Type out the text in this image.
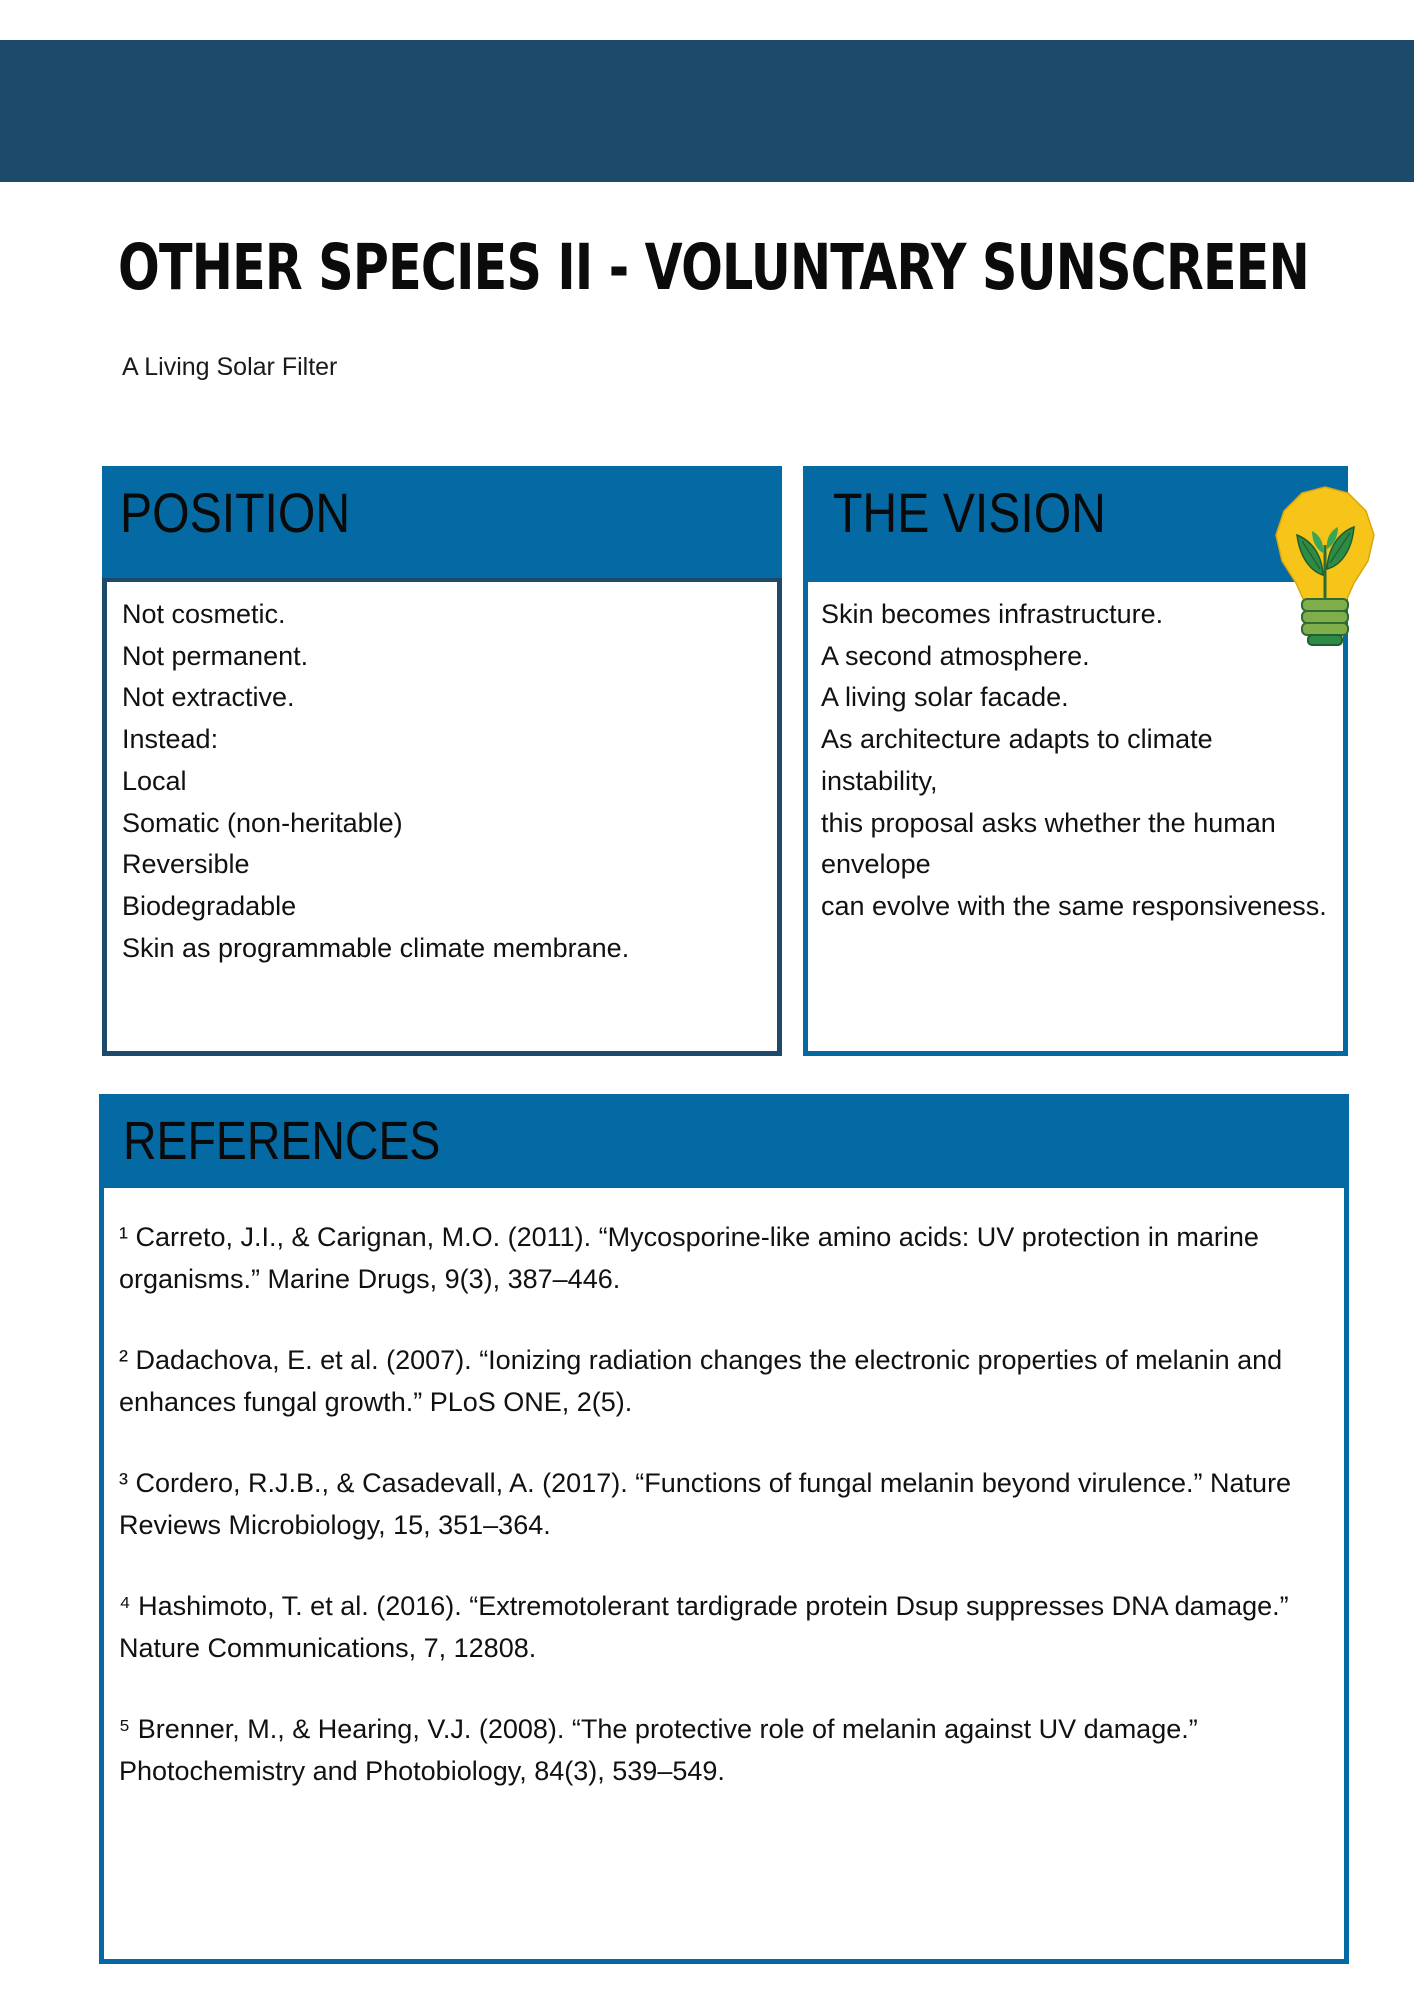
OTHER SPECIES II - VOLUNTARY SUNSCREEN
A Living Solar Filter
POSITION
Not cosmetic.
Not permanent.
Not extractive.
Instead:
Local
Somatic (non-heritable)
Reversible
Biodegradable
Skin as programmable climate membrane.
THE VISION
Skin becomes infrastructure.
A second atmosphere.
A living solar facade.
As architecture adapts to climate
instability,
this proposal asks whether the human
envelope
can evolve with the same responsiveness.
REFERENCES

¹ Carreto, J.I., & Carignan, M.O. (2011). “Mycosporine-like amino acids: UV protection in marine organisms.” Marine Drugs, 9(3), 387–446.

² Dadachova, E. et al. (2007). “Ionizing radiation changes the electronic properties of melanin and enhances fungal growth.” PLoS ONE, 2(5).

³ Cordero, R.J.B., & Casadevall, A. (2017). “Functions of fungal melanin beyond virulence.” Nature Reviews Microbiology, 15, 351–364.

⁴ Hashimoto, T. et al. (2016). “Extremotolerant tardigrade protein Dsup suppresses DNA damage.” Nature Communications, 7, 12808.

⁵ Brenner, M., & Hearing, V.J. (2008). “The protective role of melanin against UV damage.” Photochemistry and Photobiology, 84(3), 539–549.
